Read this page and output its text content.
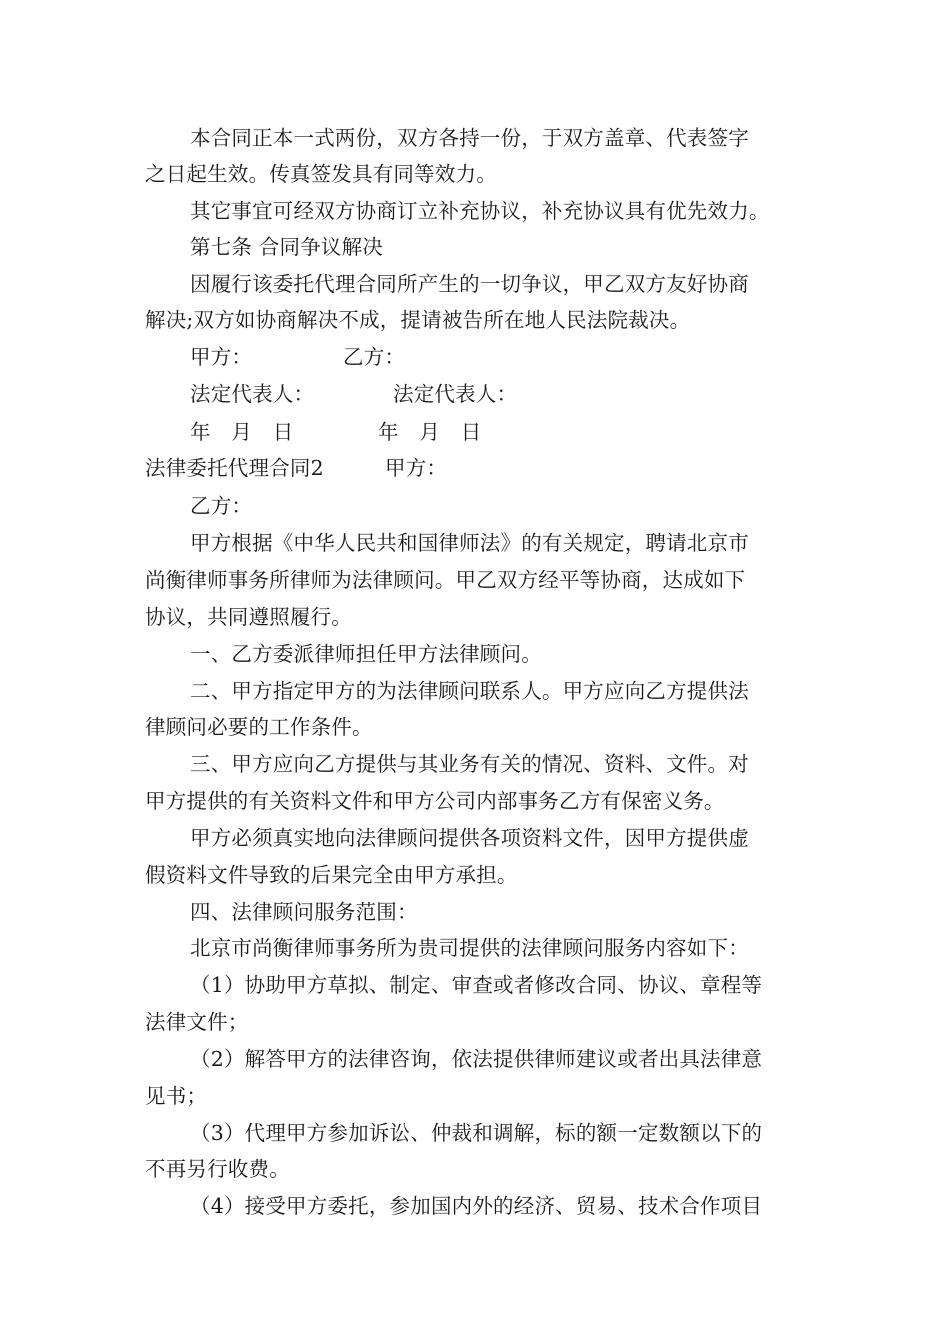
本合同正本一式两份，双方各持一份，于双方盖章、代表签字
之日起生效。传真签发具有同等效力。
其它事宜可经双方协商订立补充协议，补充协议具有优先效力。
第七条 合同争议解决
因履行该委托代理合同所产生的一切争议，甲乙双方友好协商
解决;双方如协商解决不成，提请被告所在地人民法院裁决。
甲方：	乙方：
法定代表人：	法定代表人：
年　月　日	年　月　日
法律委托代理合同2	甲方：
乙方：
甲方根据《中华人民共和国律师法》的有关规定，聘请北京市
尚衡律师事务所律师为法律顾问。甲乙双方经平等协商，达成如下
协议，共同遵照履行。
一、乙方委派律师担任甲方法律顾问。
二、甲方指定甲方的为法律顾问联系人。甲方应向乙方提供法
律顾问必要的工作条件。
三、甲方应向乙方提供与其业务有关的情况、资料、文件。对
甲方提供的有关资料文件和甲方公司内部事务乙方有保密义务。
甲方必须真实地向法律顾问提供各项资料文件，因甲方提供虚
假资料文件导致的后果完全由甲方承担。
四、法律顾问服务范围：
北京市尚衡律师事务所为贵司提供的法律顾问服务内容如下：
（1）协助甲方草拟、制定、审查或者修改合同、协议、章程等
法律文件；
（2）解答甲方的法律咨询，依法提供律师建议或者出具法律意
见书；
（3）代理甲方参加诉讼、仲裁和调解，标的额一定数额以下的
不再另行收费。
（4）接受甲方委托，参加国内外的经济、贸易、技术合作项目
